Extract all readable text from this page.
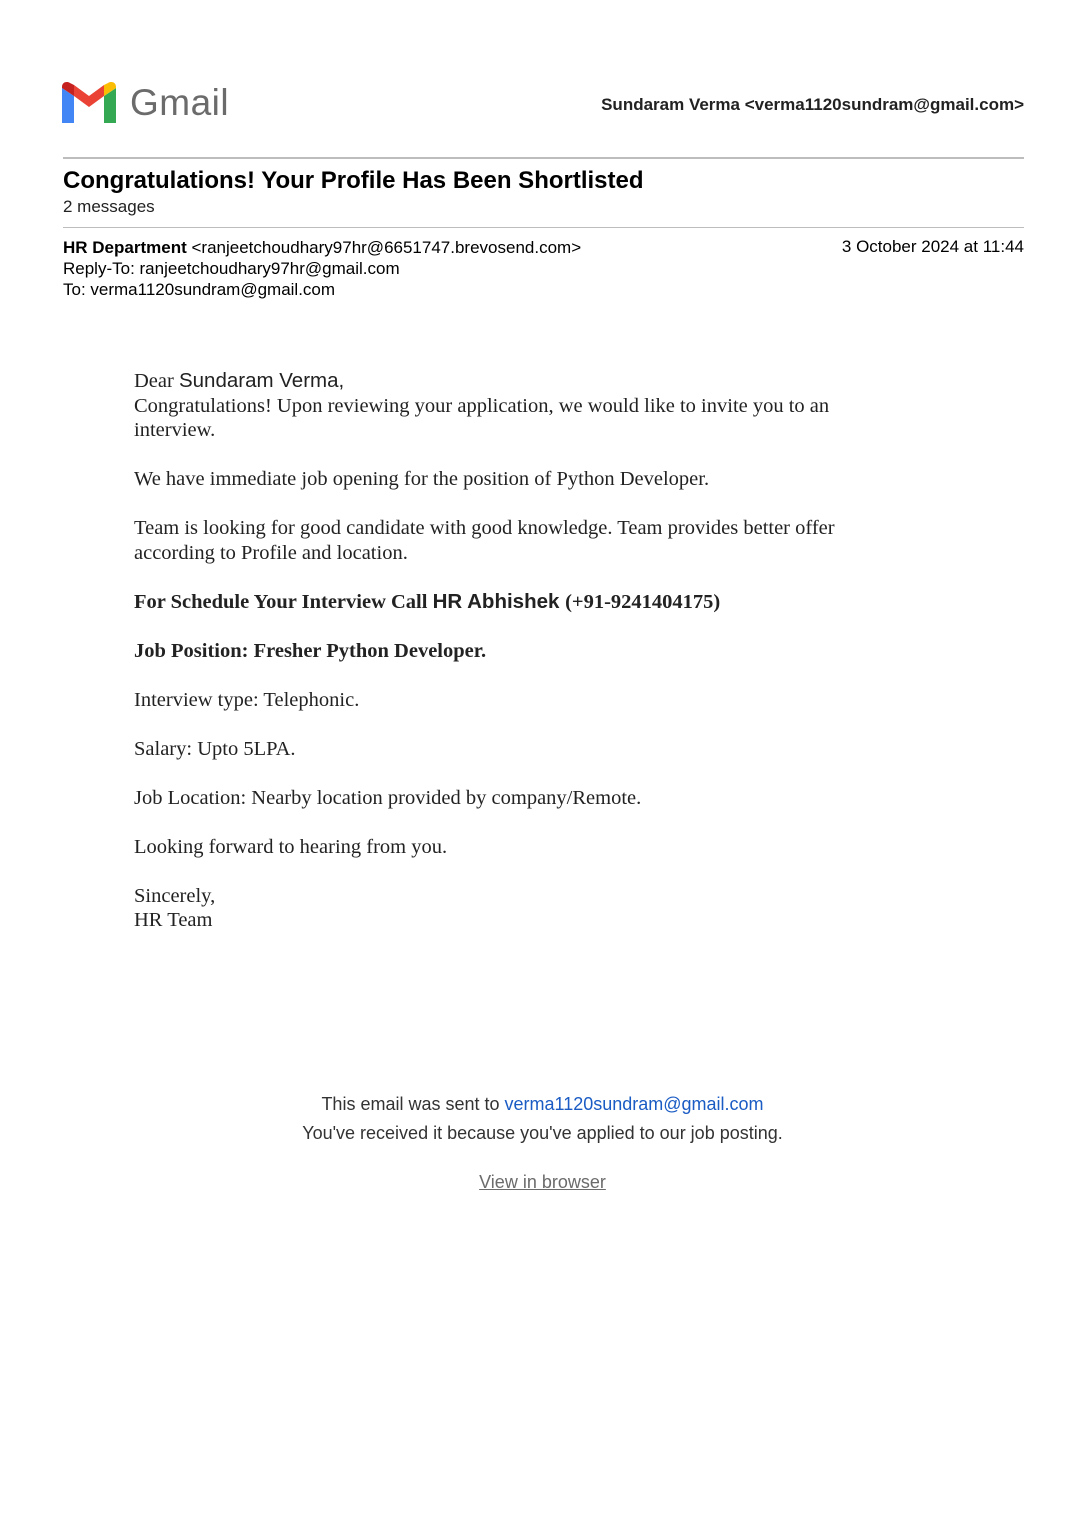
Gmail	Sundaram Verma <verma1120sundram@gmail.com>
Congratulations! Your Profile Has Been Shortlisted
2 messages
HR Department <ranjeetchoudhary97hr@6651747.brevosend.com>
Reply-To: ranjeetchoudhary97hr@gmail.com
To: verma1120sundram@gmail.com
3 October 2024 at 11:44
Dear Sundaram Verma,

Congratulations! Upon reviewing your application, we would like to invite you to an interview.

We have immediate job opening for the position of Python Developer.

Team is looking for good candidate with good knowledge. Team provides better offer according to Profile and location.

For Schedule Your Interview Call HR Abhishek (+91-9241404175)

Job Position: Fresher Python Developer.

Interview type: Telephonic.

Salary: Upto 5LPA.

Job Location: Nearby location provided by company/Remote.

Looking forward to hearing from you.

Sincerely,
HR Team
This email was sent to verma1120sundram@gmail.com
You've received it because you've applied to our job posting.
View in browser
